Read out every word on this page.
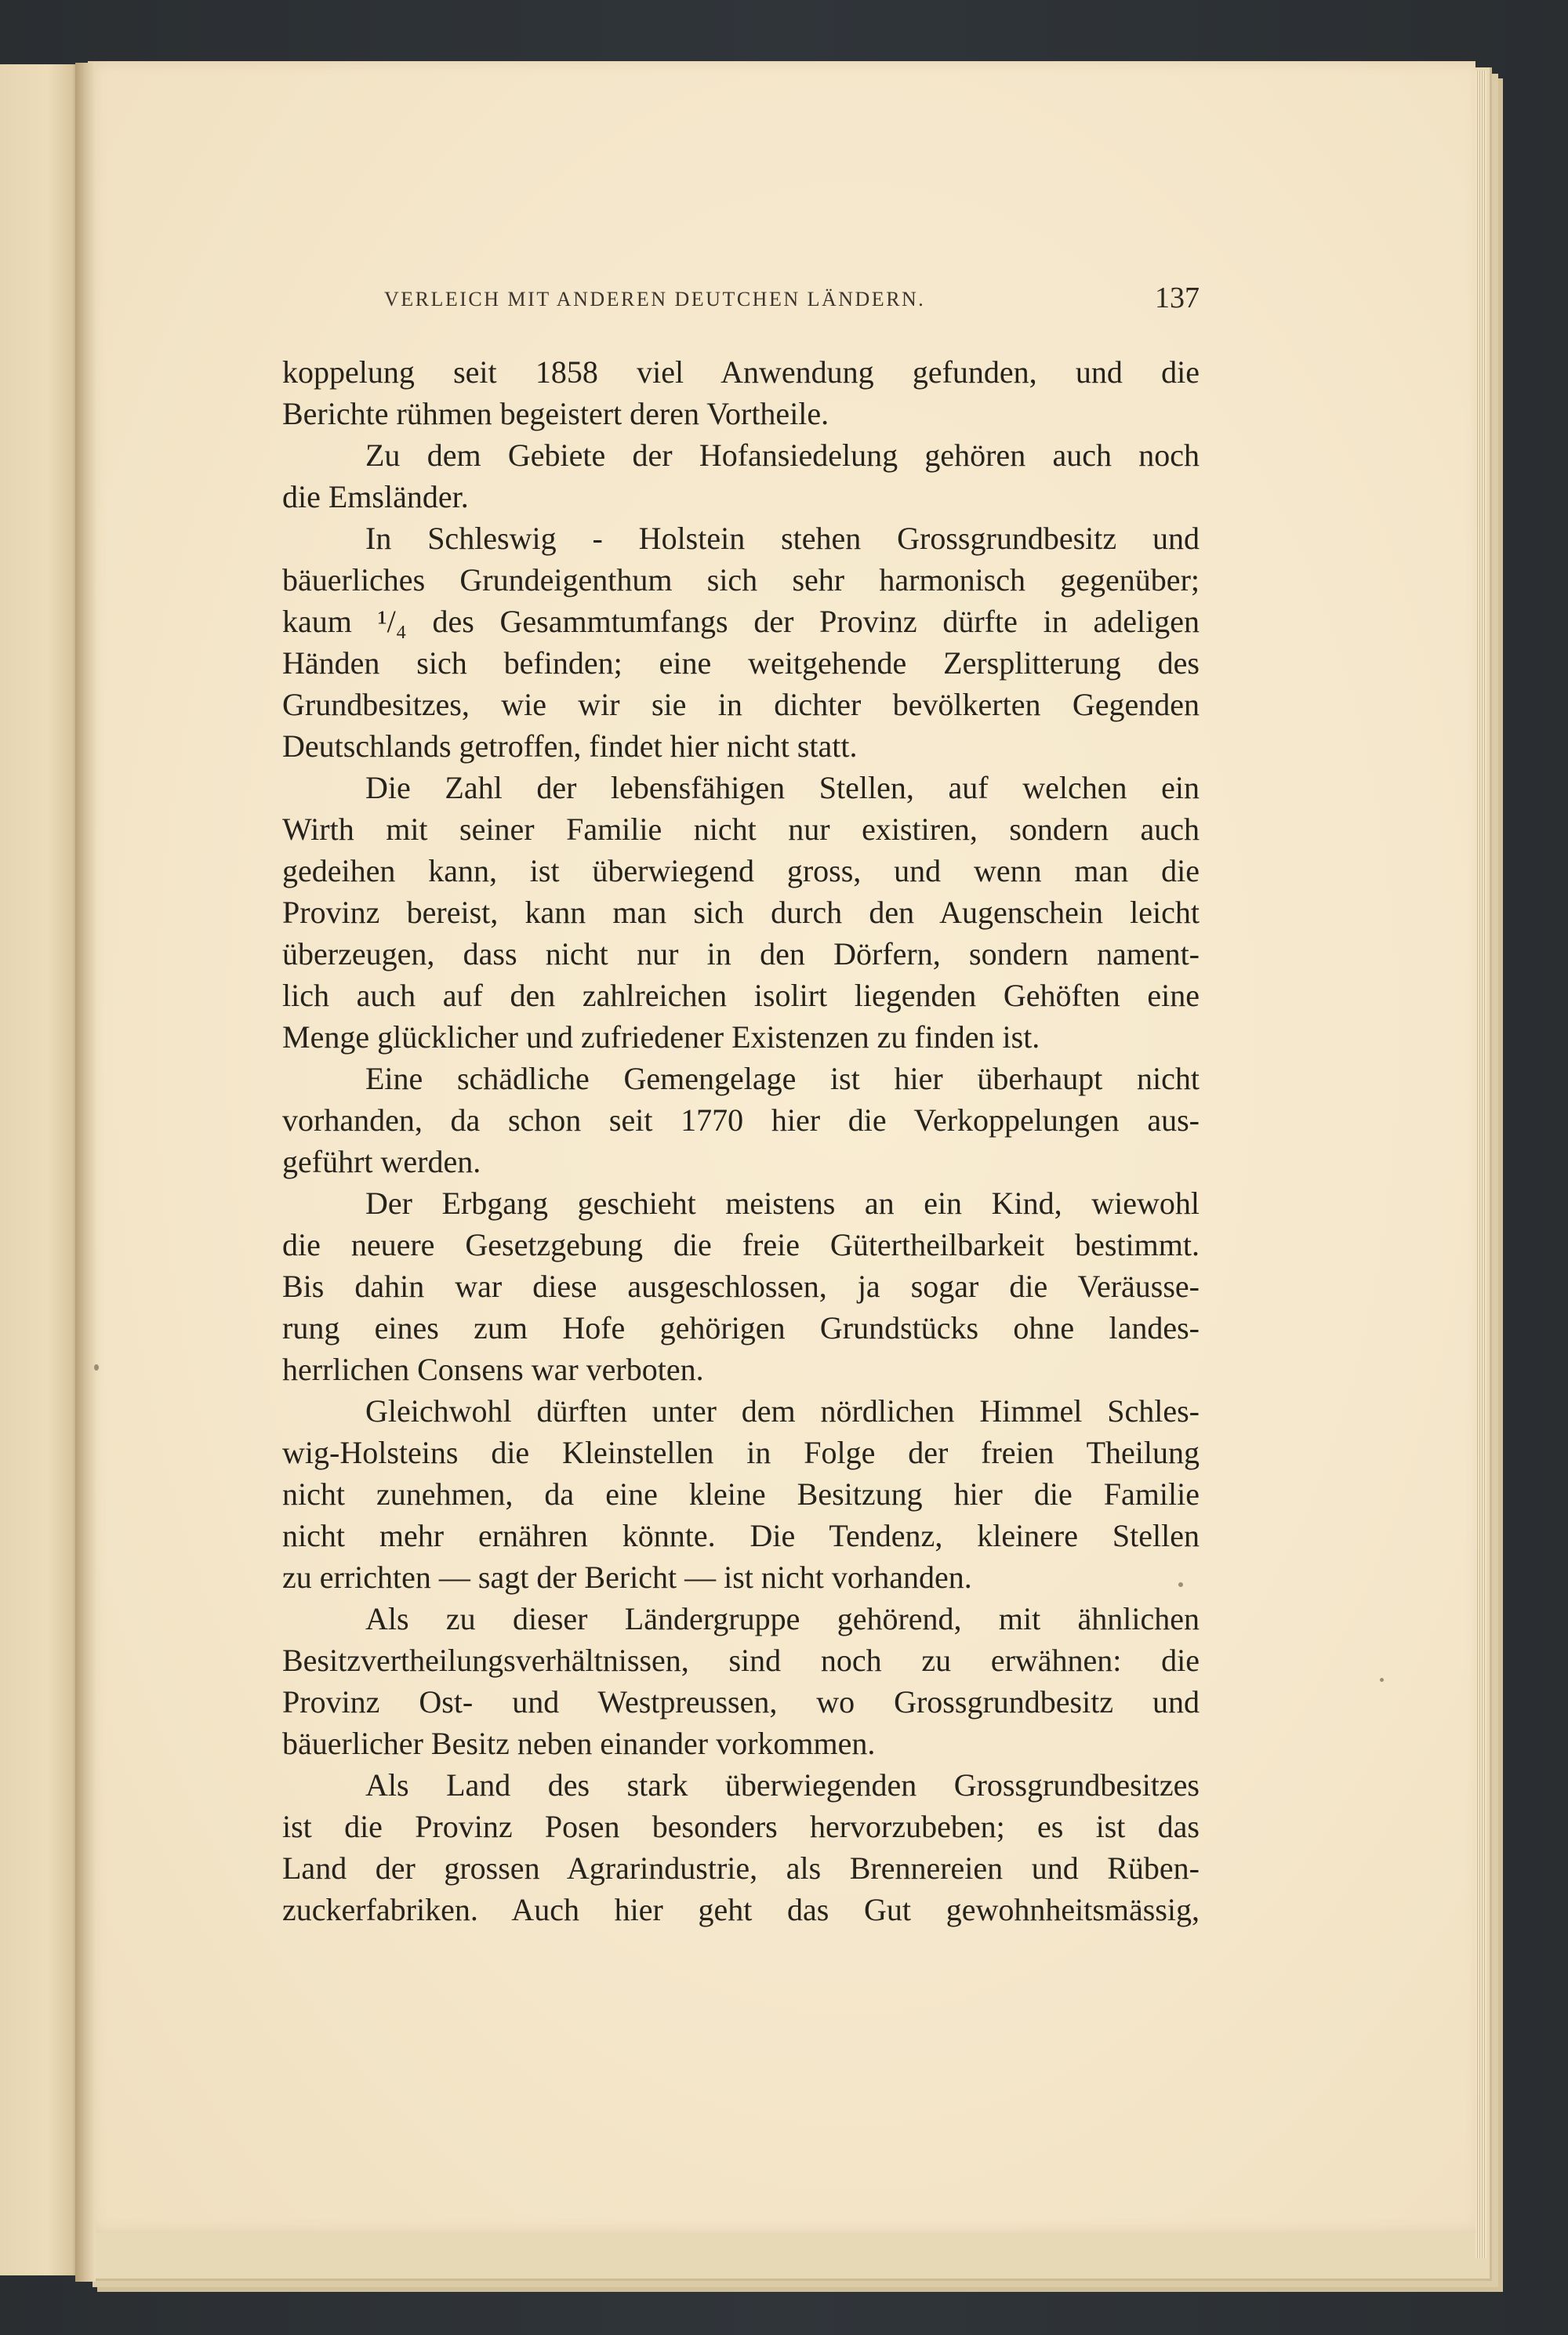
VERLEICH MIT ANDEREN DEUTCHEN LÄNDERN.	137
koppelung seit 1858 viel Anwendung gefunden, und die
Berichte rühmen begeistert deren Vortheile.
Zu dem Gebiete der Hofansiedelung gehören auch noch
die Emsländer.
In Schleswig - Holstein stehen Grossgrundbesitz und
bäuerliches Grundeigenthum sich sehr harmonisch gegenüber;
kaum ¹/₄ des Gesammtumfangs der Provinz dürfte in adeligen
Händen sich befinden; eine weitgehende Zersplitterung des
Grundbesitzes, wie wir sie in dichter bevölkerten Gegenden
Deutschlands getroffen, findet hier nicht statt.
Die Zahl der lebensfähigen Stellen, auf welchen ein
Wirth mit seiner Familie nicht nur existiren, sondern auch
gedeihen kann, ist überwiegend gross, und wenn man die
Provinz bereist, kann man sich durch den Augenschein leicht
überzeugen, dass nicht nur in den Dörfern, sondern nament-
lich auch auf den zahlreichen isolirt liegenden Gehöften eine
Menge glücklicher und zufriedener Existenzen zu finden ist.
Eine schädliche Gemengelage ist hier überhaupt nicht
vorhanden, da schon seit 1770 hier die Verkoppelungen aus-
geführt werden.
Der Erbgang geschieht meistens an ein Kind, wiewohl
die neuere Gesetzgebung die freie Gütertheilbarkeit bestimmt.
Bis dahin war diese ausgeschlossen, ja sogar die Veräusse-
rung eines zum Hofe gehörigen Grundstücks ohne landes-
herrlichen Consens war verboten.
Gleichwohl dürften unter dem nördlichen Himmel Schles-
wig-Holsteins die Kleinstellen in Folge der freien Theilung
nicht zunehmen, da eine kleine Besitzung hier die Familie
nicht mehr ernähren könnte. Die Tendenz, kleinere Stellen
zu errichten — sagt der Bericht — ist nicht vorhanden.
Als zu dieser Ländergruppe gehörend, mit ähnlichen
Besitzvertheilungsverhältnissen, sind noch zu erwähnen: die
Provinz Ost- und Westpreussen, wo Grossgrundbesitz und
bäuerlicher Besitz neben einander vorkommen.
Als Land des stark überwiegenden Grossgrundbesitzes
ist die Provinz Posen besonders hervorzubeben; es ist das
Land der grossen Agrarindustrie, als Brennereien und Rüben-
zuckerfabriken. Auch hier geht das Gut gewohnheitsmässig,
